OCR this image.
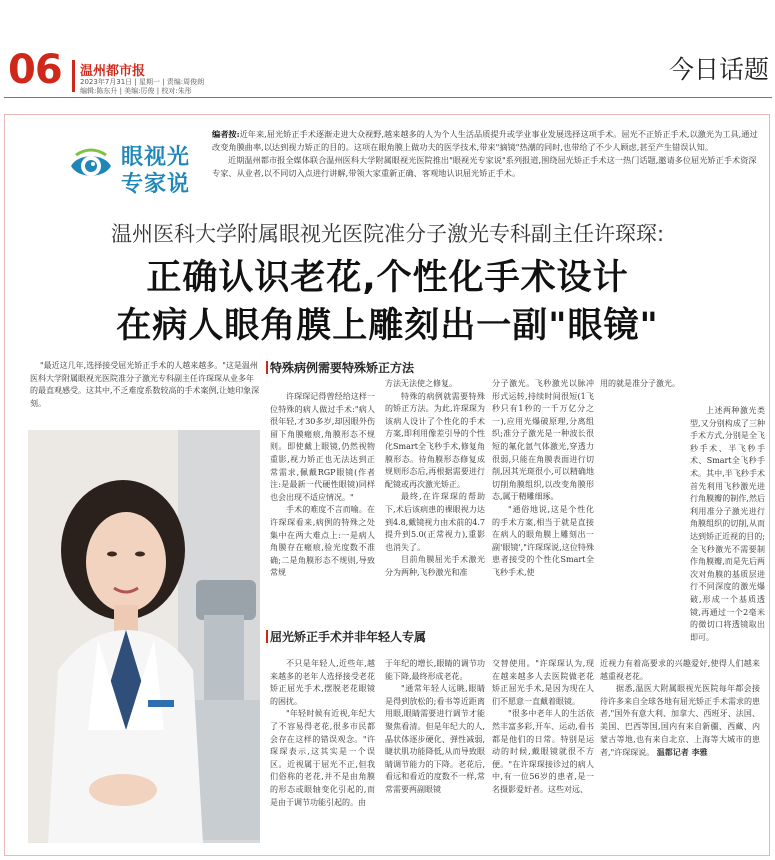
06 温州都市报
2023年7月31日 | 星期一 | 责编:周俊朗
编辑:陈东升 | 美编:厉俊 | 校对:朱彤
今日话题
眼视光
专家说

编者按:近年来,屈光矫正手术逐渐走进大众视野,越来越多的人为个人生活品质提升或学业事业发展选择这项手术。屈光不正矫正手术,以激光为工具,通过改变角膜曲率,以达到视力矫正的目的。这项在眼角膜上做功夫的医学技术,带来"摘镜"热潮的同时,也带给了不少人顾虑,甚至产生错误认知。

近期温州都市报全媒体联合温州医科大学附属眼视光医院推出"眼视光专家说"系列报道,围绕屈光矫正手术这一热门话题,邀请多位屈光矫正手术资深专家、从业者,以不同切入点进行讲解,带领大家重新正确、客观地认识屈光矫正手术。

温州医科大学附属眼视光医院准分子激光专科副主任许琛琛:
正确认识老花,个性化手术设计
在病人眼角膜上雕刻出一副"眼镜"
"最近这几年,选择接受屈光矫正手术的人越来越多。"这是温州医科大学附属眼视光医院准分子激光专科副主任许琛琛从业多年的最直观感受。这其中,不乏难度系数较高的手术案例,让她印象深刻。
特殊病例需要特殊矫正方法
屈光矫正手术并非年轻人专属

许琛琛记得曾经给这样一位特殊的病人做过手术:"病人很年轻,才30多岁,却因眼外伤留下角膜瘢痕,角膜形态不规则。即使戴上眼镜,仍然视物重影,视力矫正也无法达到正常需求,佩戴RGP眼镜(作者注:是最新一代硬性眼镜)同样也会出现不适应情况。"

手术的难度不言而喻。在许琛琛看来,病例的特殊之处集中在两大难点上:一是病人角膜存在瘢痕,验光度数不准确;二是角膜形态不规则,导致常规

方法无法使之修复。

特殊的病例就需要特殊的矫正方法。为此,许琛琛为该病人设计了个性化的手术方案,即利用像差引导的个性化Smart全飞秒手术,修复角膜形态。待角膜形态修复成规则形态后,再根据需要进行配镜或再次激光矫正。

最终,在许琛琛的帮助下,术后该病患的裸眼视力达到4.8,戴镜视力由术前的4.7提升到5.0(正常视力),重影也消失了。

目前角膜屈光手术激光分为两种,飞秒激光和准

分子激光。飞秒激光以脉冲形式运转,持续时间很短(1飞秒只有1秒的一千万亿分之一),应用光爆破原理,分离组织;准分子激光是一种波长很短的氟化氩气体激光,穿透力很弱,只能在角膜表面进行切削,因其光斑很小,可以精确地切削角膜组织,以改变角膜形态,属于精雕细琢。

"通俗地说,这是个性化的手术方案,相当于就是直接在病人的眼角膜上雕刻出一副'眼镜',"许琛琛说,这位特殊患者接受的个性化Smart全飞秒手术,使

用的就是准分子激光。

上述两种激光类型,又分别构成了三种手术方式,分别是全飞秒手术、半飞秒手术、Smart全飞秒手术。其中,半飞秒手术首先利用飞秒激光进行角膜瓣的制作,然后利用准分子激光进行角膜组织的切削,从而达到矫正近视的目的;全飞秒激光不需要制作角膜瓣,而是先后两次对角膜的基质层进行不同深度的激光爆破,形成一个基质透镜,再通过一个2毫米的微切口将透镜取出即可。

不只是年轻人,近些年,越来越多的老年人选择接受老花矫正屈光手术,摆脱老花眼镜的困扰。

"年轻时候有近视,年纪大了不容易得老花,很多市民都会存在这样的错误观念。"许琛琛表示,这其实是一个误区。近视属于屈光不正,但我们俗称的老花,并不是由角膜的形态或眼轴变化引起的,而是由于调节功能引起的。由

于年纪的增长,眼睛的调节功能下降,最终形成老花。

"通常年轻人远眺,眼睛是得到放松的;看书等近距离用眼,眼睛需要进行调节才能聚焦看清。但是年纪大的人,晶状体逐步硬化、弹性减弱,睫状肌功能降低,从而导致眼睛调节能力的下降。老花后,看远和看近的度数不一样,常常需要两副眼镜

交替使用。"许琛琛认为,现在越来越多人去医院做老花矫正屈光手术,是因为现在人们不愿意一直戴着眼镜。

"很多中老年人的生活依然丰富多彩,开车、运动,看书都是他们的日常。特别是运动的时候,戴眼镜就很不方便。"在许琛琛接诊过的病人中,有一位56岁的患者,是一名摄影爱好者。这些对远、

近视力有着高要求的兴趣爱好,使得人们越来越重视老花。

据悉,温医大附属眼视光医院每年都会接待许多来自全球各地有屈光矫正手术需求的患者,"国外有意大利、加拿大、西班牙、法国、美国、巴西等国,国内有来自新疆、西藏、内蒙古等地,也有来自北京、上海等大城市的患者,"许琛琛说。 温都记者 李雅
